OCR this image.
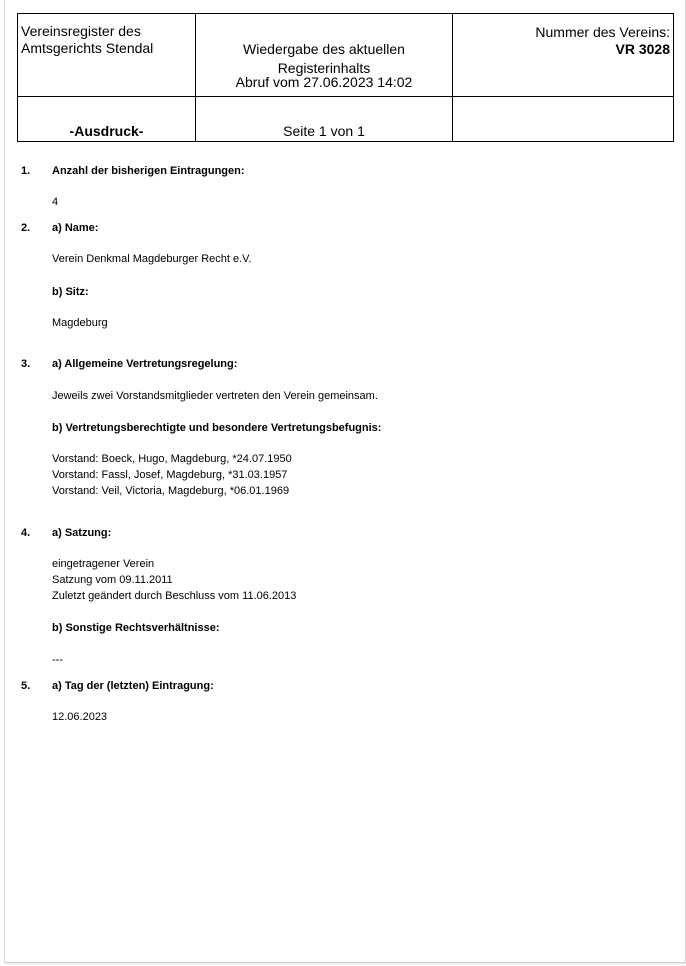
Vereinsregister des
Amtsgerichts Stendal	Wiedergabe des aktuellen
Registerinhalts
Abruf vom 27.06.2023 14:02
Nummer des Vereins:
VR 3028
-Ausdruck-	Seite 1 von 1
1. Anzahl der bisherigen Eintragungen:
4
2. a) Name:
Verein Denkmal Magdeburger Recht e.V.
b) Sitz:
Magdeburg
3. a) Allgemeine Vertretungsregelung:
Jeweils zwei Vorstandsmitglieder vertreten den Verein gemeinsam.
b) Vertretungsberechtigte und besondere Vertretungsbefugnis:
Vorstand: Boeck, Hugo, Magdeburg, *24.07.1950
Vorstand: Fassl, Josef, Magdeburg, *31.03.1957
Vorstand: Veil, Victoria, Magdeburg, *06.01.1969
4. a) Satzung:
eingetragener Verein
Satzung vom 09.11.2011
Zuletzt geändert durch Beschluss vom 11.06.2013
b) Sonstige Rechtsverhältnisse:
---
5. a) Tag der (letzten) Eintragung:
12.06.2023
